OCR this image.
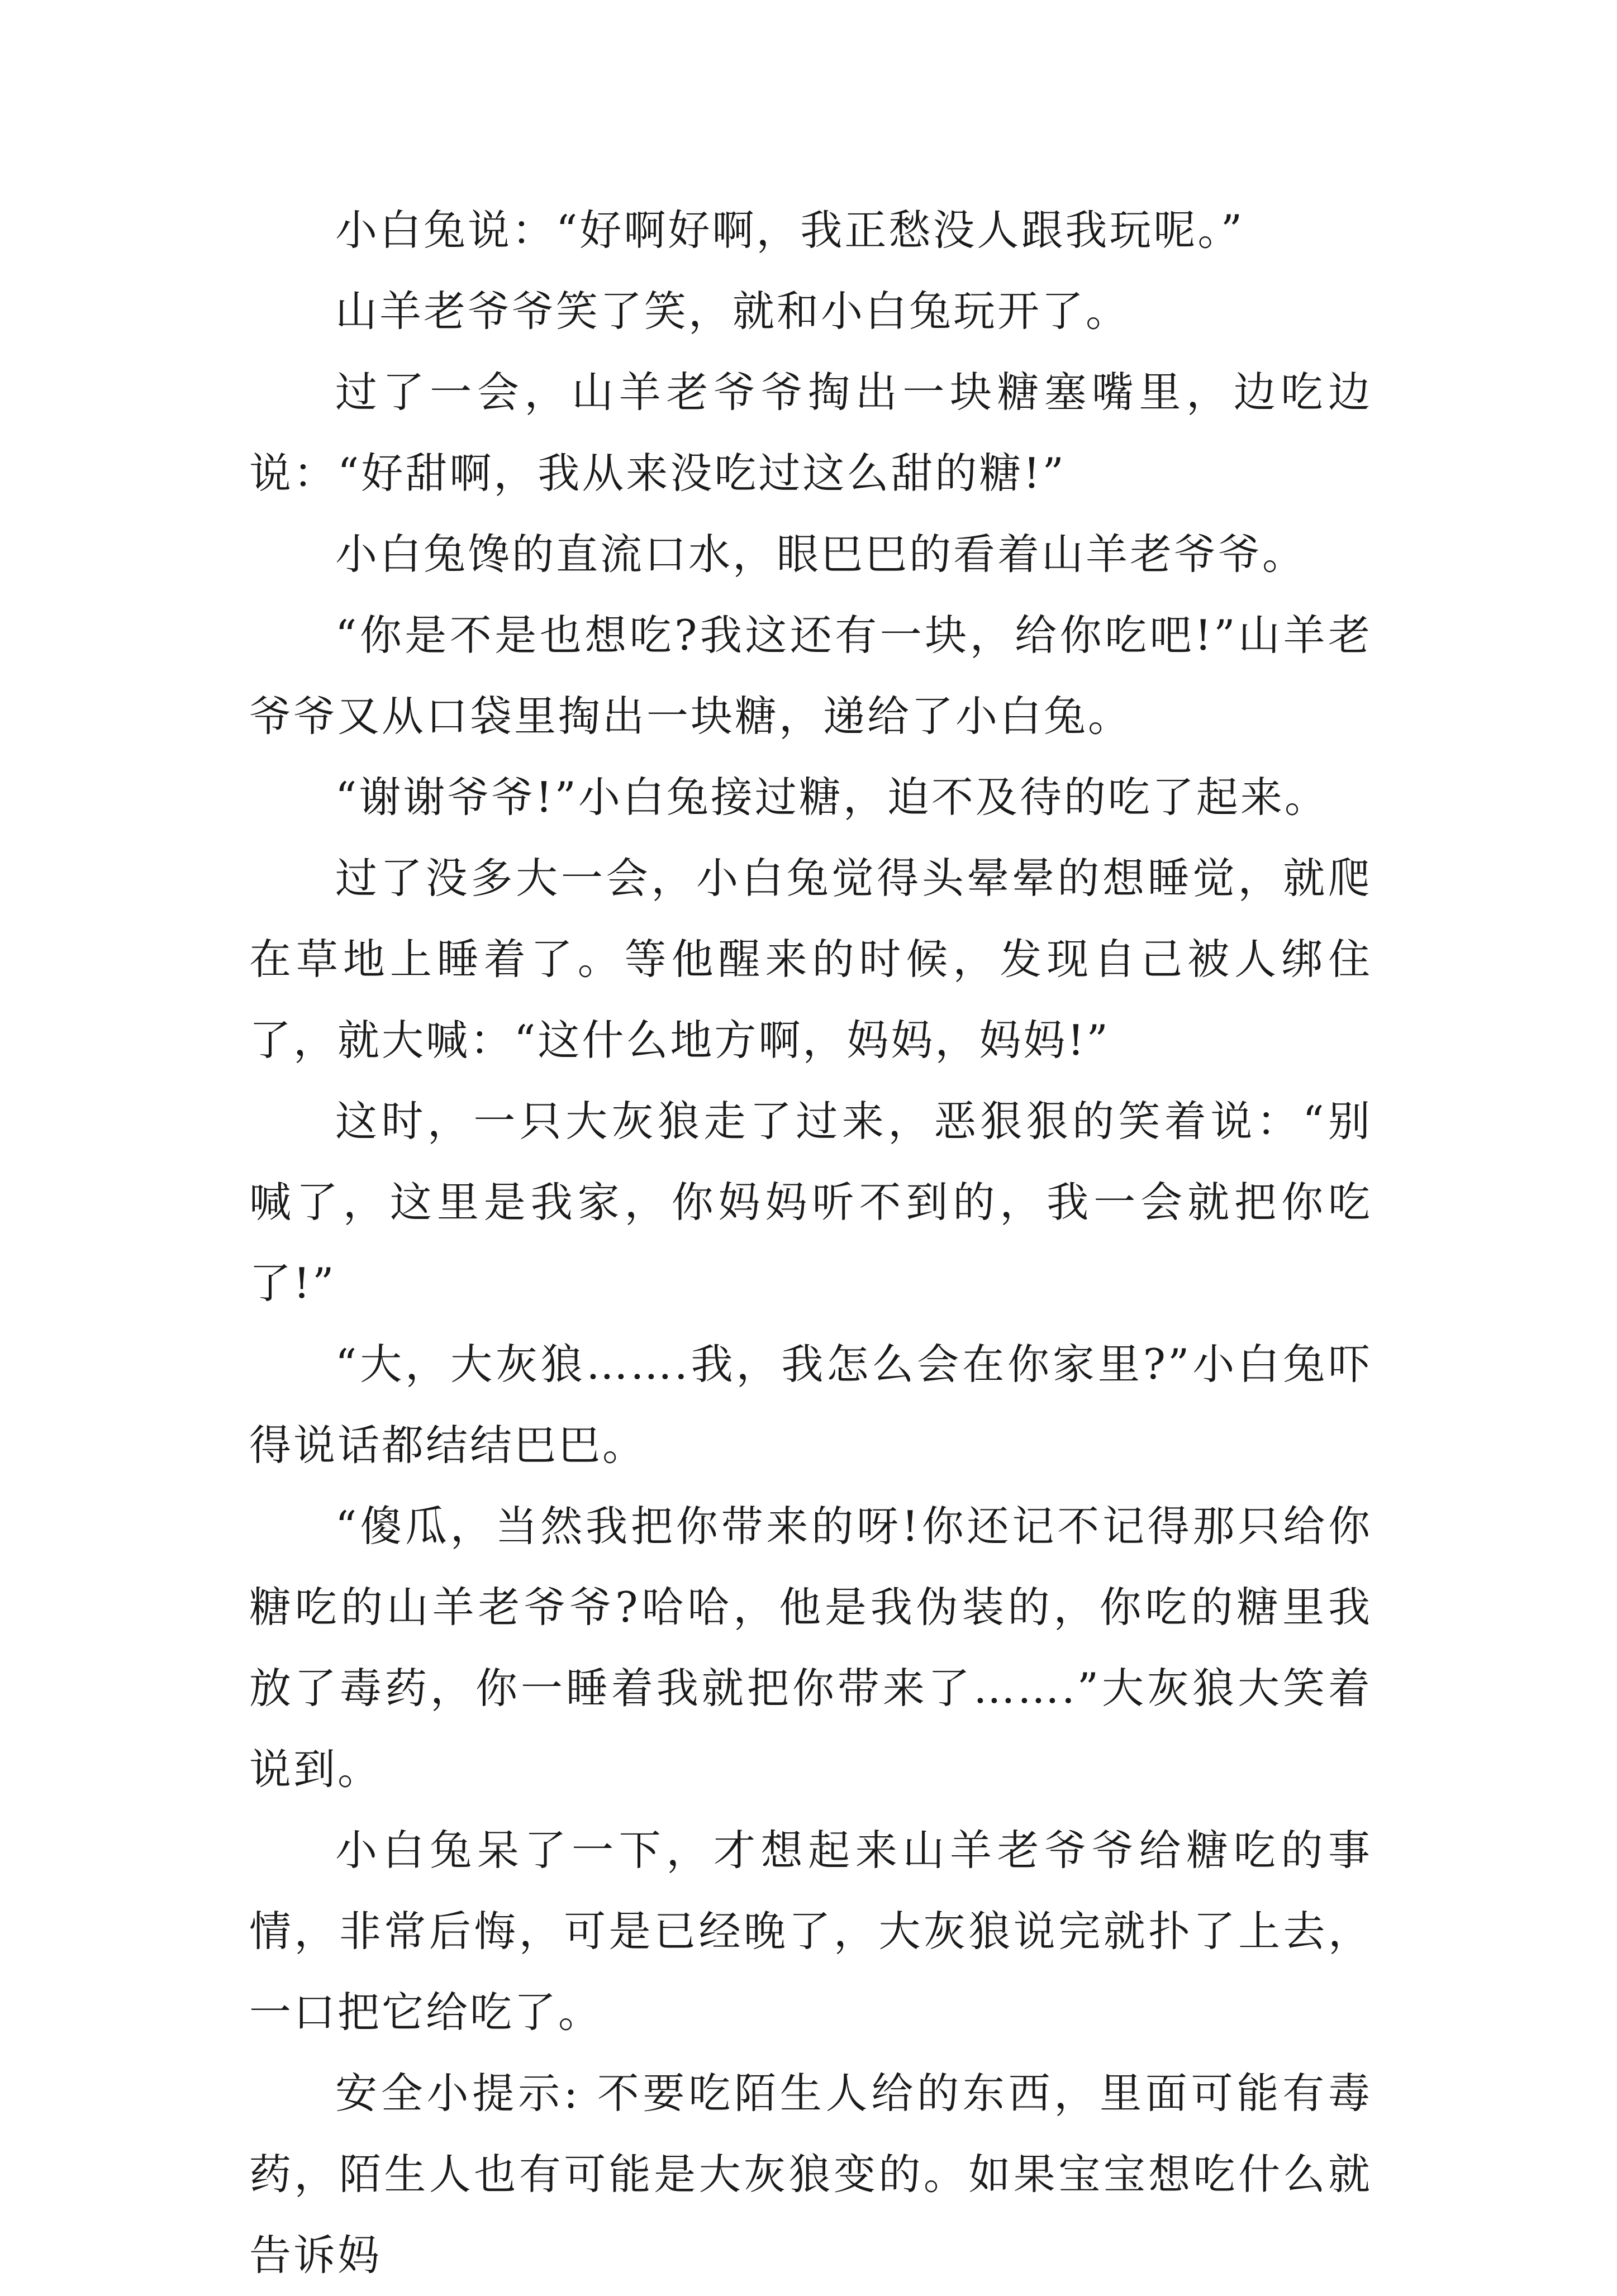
小白兔说：“好啊好啊，我正愁没人跟我玩呢。”

山羊老爷爷笑了笑，就和小白兔玩开了。

过了一会，山羊老爷爷掏出一块糖塞嘴里，边吃边说：“好甜啊，我从来没吃过这么甜的糖!”

小白兔馋的直流口水，眼巴巴的看着山羊老爷爷。

“你是不是也想吃?我这还有一块，给你吃吧!”山羊老爷爷又从口袋里掏出一块糖，递给了小白兔。

“谢谢爷爷!”小白兔接过糖，迫不及待的吃了起来。

过了没多大一会，小白兔觉得头晕晕的想睡觉，就爬在草地上睡着了。等他醒来的时候，发现自己被人绑住了，就大喊：“这什么地方啊，妈妈，妈妈!”

这时，一只大灰狼走了过来，恶狠狠的笑着说：“别喊了，这里是我家，你妈妈听不到的，我一会就把你吃了!”

“大，大灰狼…….我，我怎么会在你家里?”小白兔吓得说话都结结巴巴。

“傻瓜，当然我把你带来的呀!你还记不记得那只给你糖吃的山羊老爷爷?哈哈，他是我伪装的，你吃的糖里我放了毒药，你一睡着我就把你带来了…….”大灰狼大笑着说到。

小白兔呆了一下，才想起来山羊老爷爷给糖吃的事情，非常后悔，可是已经晚了，大灰狼说完就扑了上去，一口把它给吃了。

安全小提示: 不要吃陌生人给的东西，里面可能有毒药，陌生人也有可能是大灰狼变的。如果宝宝想吃什么就告诉妈
